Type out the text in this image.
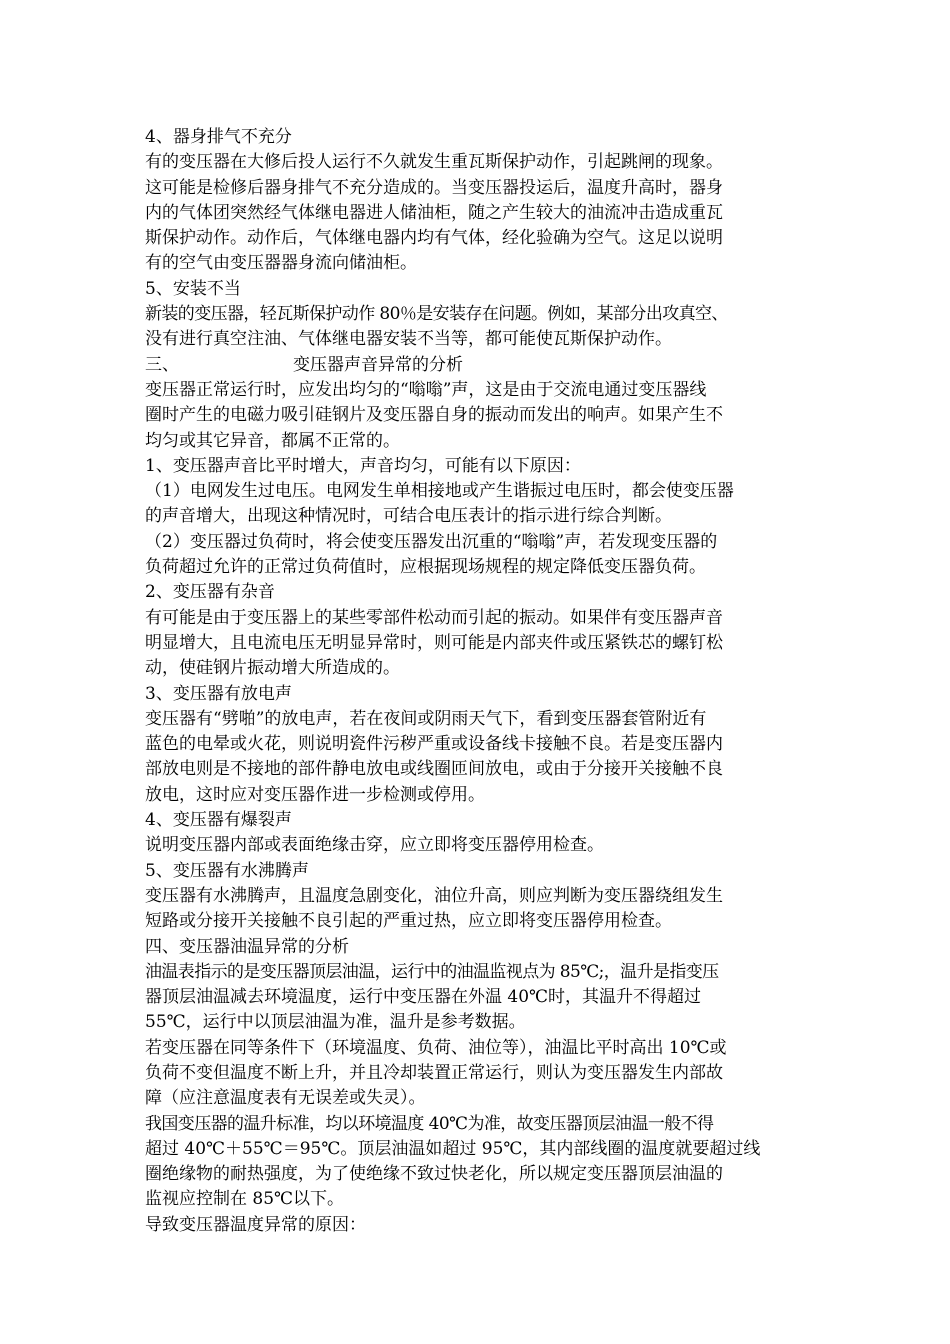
4、器身排气不充分
有的变压器在大修后投人运行不久就发生重瓦斯保护动作，引起跳闸的现象。
这可能是检修后器身排气不充分造成的。当变压器投运后，温度升高时，器身
内的气体团突然经气体继电器进人储油柜，随之产生较大的油流冲击造成重瓦
斯保护动作。动作后，气体继电器内均有气体，经化验确为空气。这足以说明
有的空气由变压器器身流向储油柜。
5、安装不当
新装的变压器，轻瓦斯保护动作 80％是安装存在问题。例如，某部分出攻真空、
没有进行真空注油、气体继电器安装不当等，都可能使瓦斯保护动作。
三、	变压器声音异常的分析
变压器正常运行时，应发出均匀的“嗡嗡”声，这是由于交流电通过变压器线
圈时产生的电磁力吸引硅钢片及变压器自身的振动而发出的响声。如果产生不
均匀或其它异音，都属不正常的。
1、变压器声音比平时增大，声音均匀，可能有以下原因：
（1）电网发生过电压。电网发生单相接地或产生谐振过电压时，都会使变压器
的声音增大，出现这种情况时，可结合电压表计的指示进行综合判断。
（2）变压器过负荷时，将会使变压器发出沉重的“嗡嗡”声，若发现变压器的
负荷超过允许的正常过负荷值时，应根据现场规程的规定降低变压器负荷。
2、变压器有杂音
有可能是由于变压器上的某些零部件松动而引起的振动。如果伴有变压器声音
明显增大，且电流电压无明显异常时，则可能是内部夹件或压紧铁芯的螺钉松
动，使硅钢片振动增大所造成的。
3、变压器有放电声
变压器有“劈啪”的放电声，若在夜间或阴雨天气下，看到变压器套管附近有
蓝色的电晕或火花，则说明瓷件污秽严重或设备线卡接触不良。若是变压器内
部放电则是不接地的部件静电放电或线圈匝间放电，或由于分接开关接触不良
放电，这时应对变压器作进一步检测或停用。
4、变压器有爆裂声
说明变压器内部或表面绝缘击穿，应立即将变压器停用检查。
5、变压器有水沸腾声
变压器有水沸腾声，且温度急剧变化，油位升高，则应判断为变压器绕组发生
短路或分接开关接触不良引起的严重过热，应立即将变压器停用检查。
四、变压器油温异常的分析
油温表指示的是变压器顶层油温，运行中的油温监视点为 85℃;，温升是指变压
器顶层油温减去环境温度，运行中变压器在外温 40℃时，其温升不得超过
55℃，运行中以顶层油温为准，温升是参考数据。
若变压器在同等条件下（环境温度、负荷、油位等），油温比平时高出 10℃或
负荷不变但温度不断上升，并且冷却装置正常运行，则认为变压器发生内部故
障（应注意温度表有无误差或失灵）。
我国变压器的温升标准，均以环境温度 40℃为准，故变压器顶层油温一般不得
超过 40℃＋55℃＝95℃。顶层油温如超过 95℃，其内部线圈的温度就要超过线
圈绝缘物的耐热强度，为了使绝缘不致过快老化，所以规定变压器顶层油温的
监视应控制在 85℃以下。
导致变压器温度异常的原因：
